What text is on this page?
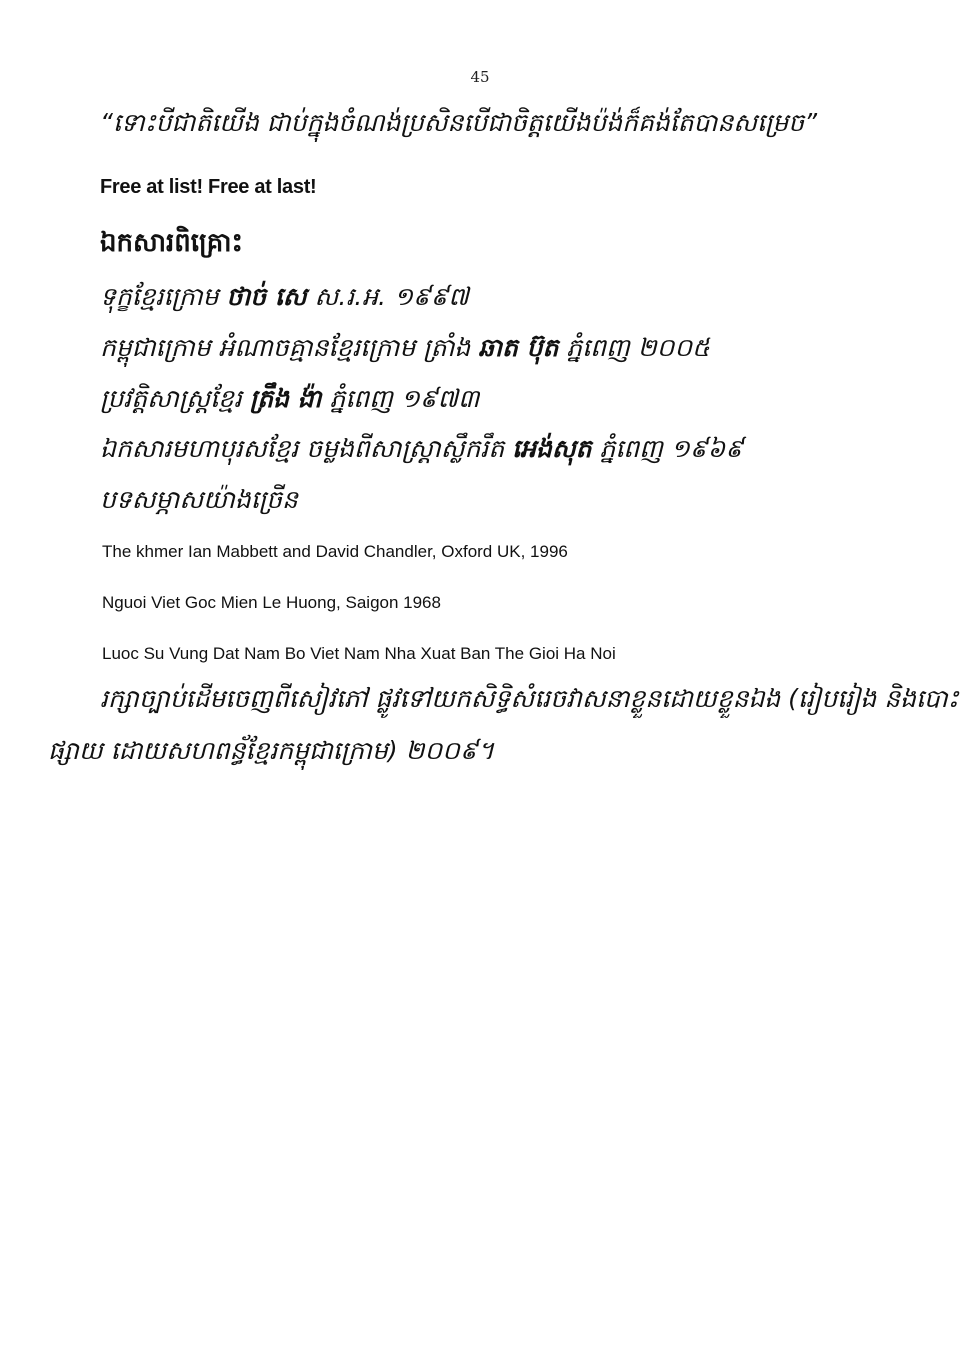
45
“ទោះបីជាតិយើង ជាប់ក្នុងចំណង់ប្រសិនបើជាចិត្តយើងប៉ង់ក៏គង់តែបានសម្រេច”
Free at list! Free at last!
ឯកសារពិគ្រោះ
ទុក្ខខ្មែរក្រោម ថាច់ សេ ស.រ.អ. ១៩៩៧
កម្ពុជាក្រោម អំណាចគ្មានខ្មែរក្រោម ត្រាំង ឆាត ប៊ុត ភ្នំពេញ ២០០៥
ប្រវត្តិសាស្ត្រខ្មែរ ត្រឹង ង៉ា ភ្នំពេញ ១៩៧៣
ឯកសារមហាបុរសខ្មែរ ចម្លងពីសាស្ត្រាស្លឹករឹត អេង់សុត ភ្នំពេញ ១៩៦៩
បទសម្ភាសយ៉ាងច្រើន
The khmer Ian Mabbett and David Chandler, Oxford UK, 1996
Nguoi Viet Goc Mien Le Huong, Saigon 1968
Luoc Su Vung Dat Nam Bo Viet Nam Nha Xuat Ban The Gioi Ha Noi
រក្សាច្បាប់ដើមចេញពីសៀវភៅ ផ្លូវទៅយកសិទ្ធិសំរេចវាសនាខ្លួនដោយខ្លួនឯង (រៀបរៀង និងបោះ
ផ្សាយ ដោយសហពន្ធ័ខ្មែរកម្ពុជាក្រោម) ២០០៩។
